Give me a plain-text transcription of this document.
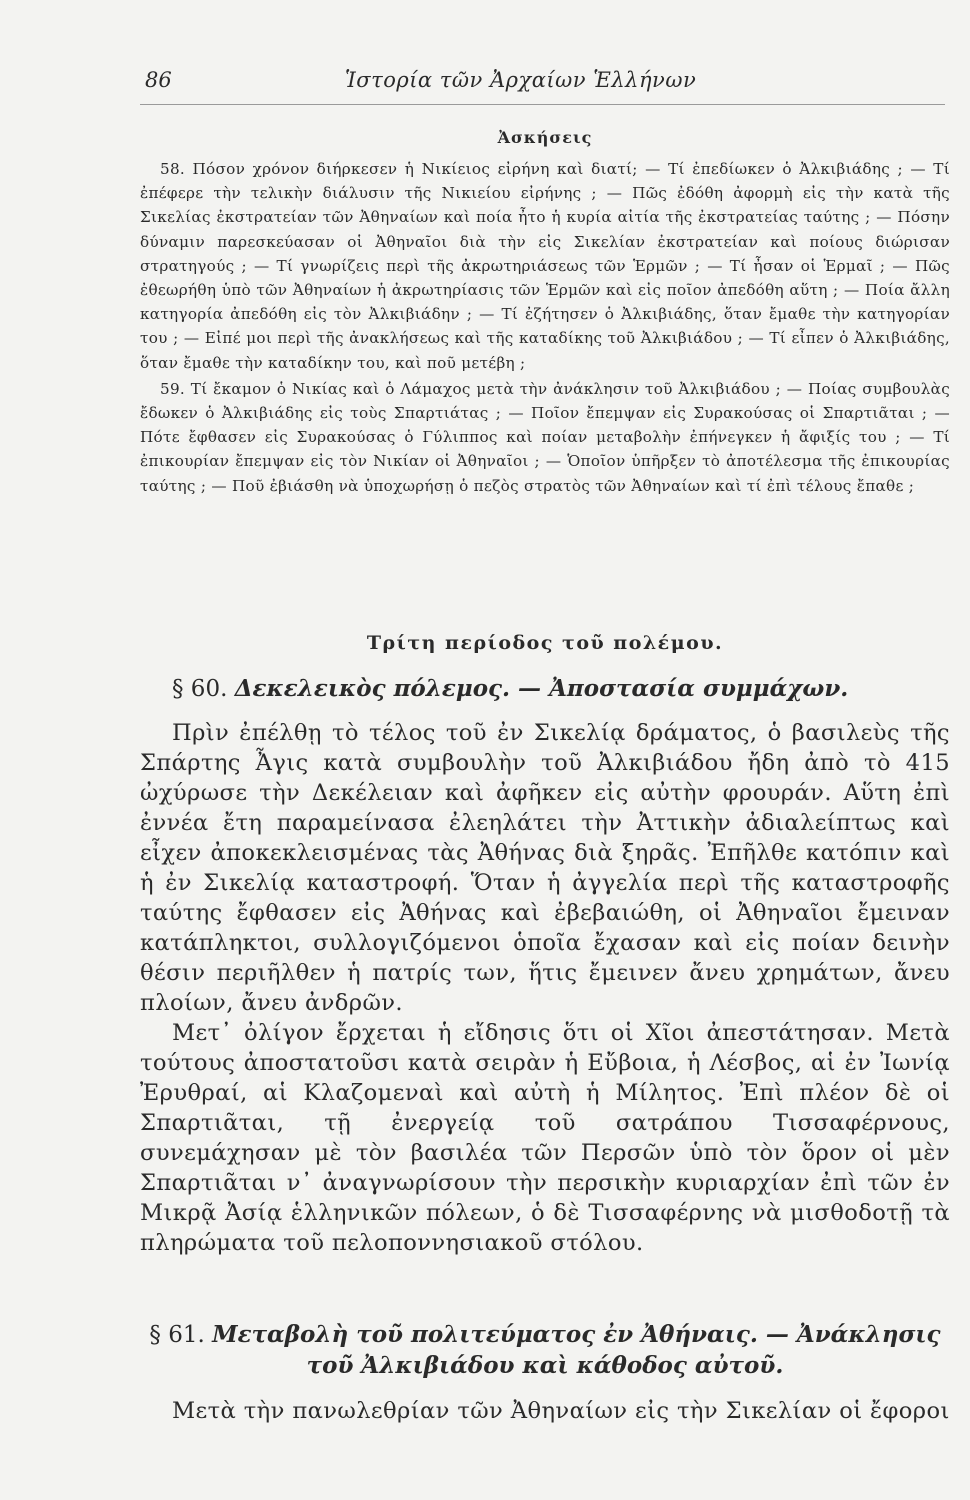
86	Ἱστορία τῶν Ἀρχαίων Ἑλλήνων

Ἀσκήσεις

58. Πόσον χρόνον διήρκεσεν ἡ Νικίειος εἰρήνη καὶ διατί; — Τί ἐπεδίωκεν ὁ Ἀλκιβιάδης ; — Τί ἐπέφερε τὴν τελικὴν διάλυσιν τῆς Νικιείου εἰρήνης ; — Πῶς ἐδόθη ἀφορμὴ εἰς τὴν κατὰ τῆς Σικελίας ἐκστρατείαν τῶν Ἀθηναίων καὶ ποία ἦτο ἡ κυρία αἰτία τῆς ἐκστρατείας ταύτης ; — Πόσην δύναμιν παρεσκεύασαν οἱ Ἀθηναῖοι διὰ τὴν εἰς Σικελίαν ἐκστρατείαν καὶ ποίους διώρισαν στρατηγούς ; — Τί γνωρίζεις περὶ τῆς ἀκρωτηριάσεως τῶν Ἑρμῶν ; — Τί ἦσαν οἱ Ἑρμαῖ ; — Πῶς ἐθεωρήθη ὑπὸ τῶν Ἀθηναίων ἡ ἀκρωτηρίασις τῶν Ἑρμῶν καὶ εἰς ποῖον ἀπεδόθη αὕτη ; — Ποία ἄλλη κατηγορία ἀπεδόθη εἰς τὸν Ἀλκιβιάδην ; — Τί ἐζήτησεν ὁ Ἀλκιβιάδης, ὅταν ἔμαθε τὴν κατηγορίαν του ; — Εἰπέ μοι περὶ τῆς ἀνακλήσεως καὶ τῆς καταδίκης τοῦ Ἀλκιβιάδου ; — Τί εἶπεν ὁ Ἀλκιβιάδης, ὅταν ἔμαθε τὴν καταδίκην του, καὶ ποῦ μετέβη ;

59. Τί ἔκαμον ὁ Νικίας καὶ ὁ Λάμαχος μετὰ τὴν ἀνάκλησιν τοῦ Ἀλκιβιάδου ; — Ποίας συμβουλὰς ἔδωκεν ὁ Ἀλκιβιάδης εἰς τοὺς Σπαρτιάτας ; — Ποῖον ἔπεμψαν εἰς Συρακούσας οἱ Σπαρτιᾶται ; — Πότε ἔφθασεν εἰς Συρακούσας ὁ Γύλιππος καὶ ποίαν μεταβολὴν ἐπήνεγκεν ἡ ἄφιξίς του ; — Τί ἐπικουρίαν ἔπεμψαν εἰς τὸν Νικίαν οἱ Ἀθηναῖοι ; — Ὁποῖον ὑπῆρξεν τὸ ἀποτέλεσμα τῆς ἐπικουρίας ταύτης ; — Ποῦ ἐβιάσθη νὰ ὑποχωρήσῃ ὁ πεζὸς στρατὸς τῶν Ἀθηναίων καὶ τί ἐπὶ τέλους ἔπαθε ;

Τρίτη περίοδος τοῦ πολέμου.

§ 60. Δεκελεικὸς πόλεμος. — Ἀποστασία συμμάχων.

Πρὶν ἐπέλθῃ τὸ τέλος τοῦ ἐν Σικελίᾳ δράματος, ὁ βασιλεὺς τῆς Σπάρτης Ἆγις κατὰ συμβουλὴν τοῦ Ἀλκιβιάδου ἤδη ἀπὸ τὸ 415 ὠχύρωσε τὴν Δεκέλειαν καὶ ἀφῆκεν εἰς αὐτὴν φρουράν. Αὕτη ἐπὶ ἐννέα ἔτη παραμείνασα ἐλεηλάτει τὴν Ἀττικὴν ἀδιαλείπτως καὶ εἶχεν ἀποκεκλεισμένας τὰς Ἀθήνας διὰ ξηρᾶς. Ἐπῆλθε κατόπιν καὶ ἡ ἐν Σικελίᾳ καταστροφή. Ὅταν ἡ ἀγγελία περὶ τῆς καταστροφῆς ταύτης ἔφθασεν εἰς Ἀθήνας καὶ ἐβεβαιώθη, οἱ Ἀθηναῖοι ἔμειναν κατάπληκτοι, συλλογιζόμενοι ὁποῖα ἔχασαν καὶ εἰς ποίαν δεινὴν θέσιν περιῆλθεν ἡ πατρίς των, ἥτις ἔμεινεν ἄνευ χρημάτων, ἄνευ πλοίων, ἄνευ ἀνδρῶν.

Μετ᾽ ὀλίγον ἔρχεται ἡ εἴδησις ὅτι οἱ Χῖοι ἀπεστάτησαν. Μετὰ τούτους ἀποστατοῦσι κατὰ σειρὰν ἡ Εὔβοια, ἡ Λέσβος, αἱ ἐν Ἰωνίᾳ Ἐρυθραί, αἱ Κλαζομεναὶ καὶ αὐτὴ ἡ Μίλητος. Ἐπὶ πλέον δὲ οἱ Σπαρτιᾶται, τῇ ἐνεργείᾳ τοῦ σατράπου Τισσαφέρνους, συνεμάχησαν μὲ τὸν βασιλέα τῶν Περσῶν ὑπὸ τὸν ὅρον οἱ μὲν Σπαρτιᾶται ν᾽ ἀναγνωρίσουν τὴν περσικὴν κυριαρχίαν ἐπὶ τῶν ἐν Μικρᾷ Ἀσίᾳ ἑλληνικῶν πόλεων, ὁ δὲ Τισσαφέρνης νὰ μισθοδοτῇ τὰ πληρώματα τοῦ πελοποννησιακοῦ στόλου.

§ 61. Μεταβολὴ τοῦ πολιτεύματος ἐν Ἀθήναις. — Ἀνάκλησις

τοῦ Ἀλκιβιάδου καὶ κάθοδος αὐτοῦ.

Μετὰ τὴν πανωλεθρίαν τῶν Ἀθηναίων εἰς τὴν Σικελίαν οἱ ἔφοροι
